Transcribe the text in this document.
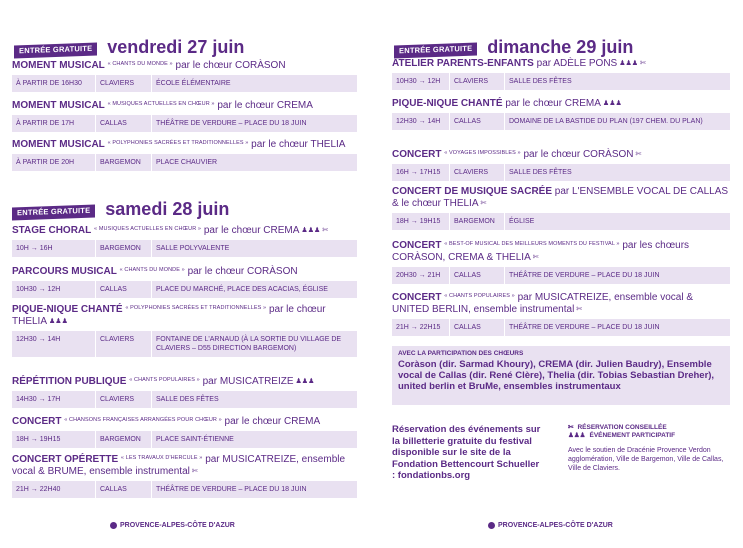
ENTRÉE GRATUITE vendredi 27 juin
MOMENT MUSICAL $^{« CHANTS DU MONDE »}$ par le chœur CORÀSON
À PARTIR DE 16H30	CLAVIERS	ÉCOLE ÉLÉMENTAIRE
MOMENT MUSICAL $^{« MUSIQUES ACTUELLES EN CHŒUR »}$ par le chœur CREMA
À PARTIR DE 17H	CALLAS	THÉÂTRE DE VERDURE – PLACE DU 18 JUIN
MOMENT MUSICAL $^{« POLYPHONIES SACRÉES ET TRADITIONNELLES »}$ par le chœur THELIA
À PARTIR DE 20H	BARGEMON	PLACE CHAUVIER
ENTRÉE GRATUITE samedi 28 juin
STAGE CHORAL $^{« MUSIQUES ACTUELLES EN CHŒUR »}$ par le chœur CREMA ♟♟♟ ✄
10H → 16H	BARGEMON	SALLE POLYVALENTE
PARCOURS MUSICAL $^{« CHANTS DU MONDE »}$ par le chœur CORÀSON
10H30 → 12H	CALLAS	PLACE DU MARCHÉ, PLACE DES ACACIAS, ÉGLISE
PIQUE-NIQUE CHANTÉ $^{« POLYPHONIES SACRÉES ET TRADITIONNELLES »}$ par le chœur THELIA ♟♟♟
12H30 → 14H	CLAVIERS	FONTAINE DE L'ARNAUD (À LA SORTIE DU VILLAGE DE CLAVIERS – D55 DIRECTION BARGEMON)
RÉPÉTITION PUBLIQUE $^{« CHANTS POPULAIRES »}$ par MUSICATREIZE ♟♟♟
14H30 → 17H	CLAVIERS	SALLE DES FÊTES
CONCERT $^{« CHANSONS FRANÇAISES ARRANGÉES POUR CHŒUR »}$ par le chœur CREMA
18H → 19H15	BARGEMON	PLACE SAINT-ÉTIENNE
CONCERT OPÉRETTE $^{« LES TRAVAUX D'HERCULE »}$ par MUSICATREIZE, ensemble vocal & BRUME, ensemble instrumental ✄
21H → 22H40	CALLAS	THÉÂTRE DE VERDURE – PLACE DU 18 JUIN
PROVENCE-ALPES-CÔTE D'AZUR
ENTRÉE GRATUITE dimanche 29 juin
ATELIER PARENTS-ENFANTS par ADÈLE PONS ♟♟♟ ✄
10H30 → 12H	CLAVIERS	SALLE DES FÊTES
PIQUE-NIQUE CHANTÉ par le chœur CREMA ♟♟♟
12H30 → 14H	CALLAS	DOMAINE DE LA BASTIDE DU PLAN (197 CHEM. DU PLAN)
CONCERT $^{« VOYAGES IMPOSSIBLES »}$ par le chœur CORÀSON ✄
16H → 17H15	CLAVIERS	SALLE DES FÊTES
CONCERT DE MUSIQUE SACRÉE par L'ENSEMBLE VOCAL DE CALLAS & le chœur THELIA ✄
18H → 19H15	BARGEMON	ÉGLISE
CONCERT $^{« BEST-OF MUSICAL DES MEILLEURS MOMENTS DU FESTIVAL »}$ par les chœurs CORÀSON, CREMA & THELIA ✄
20H30 → 21H	CALLAS	THÉÂTRE DE VERDURE – PLACE DU 18 JUIN
CONCERT $^{« CHANTS POPULAIRES »}$ par MUSICATREIZE, ensemble vocal & UNITED BERLIN, ensemble instrumental ✄
21H → 22H15	CALLAS	THÉÂTRE DE VERDURE – PLACE DU 18 JUIN
AVEC LA PARTICIPATION DES CHŒURS
Coràson (dir. Sarmad Khoury), CREMA (dir. Julien Baudry), Ensemble vocal de Callas (dir. René Clère), Thelia (dir. Tobias Sebastian Dreher), united berlin et BruMe, ensembles instrumentaux
Réservation des événements sur la billetterie gratuite du festival disponible sur le site de la Fondation Bettencourt Schueller : fondationbs.org
✄ RÉSERVATION CONSEILLÉE
♟♟♟ ÉVÉNEMENT PARTICIPATIF
Avec le soutien de Dracénie Provence Verdon agglomération, Ville de Bargemon, Ville de Callas, Ville de Claviers.
PROVENCE-ALPES-CÔTE D'AZUR
